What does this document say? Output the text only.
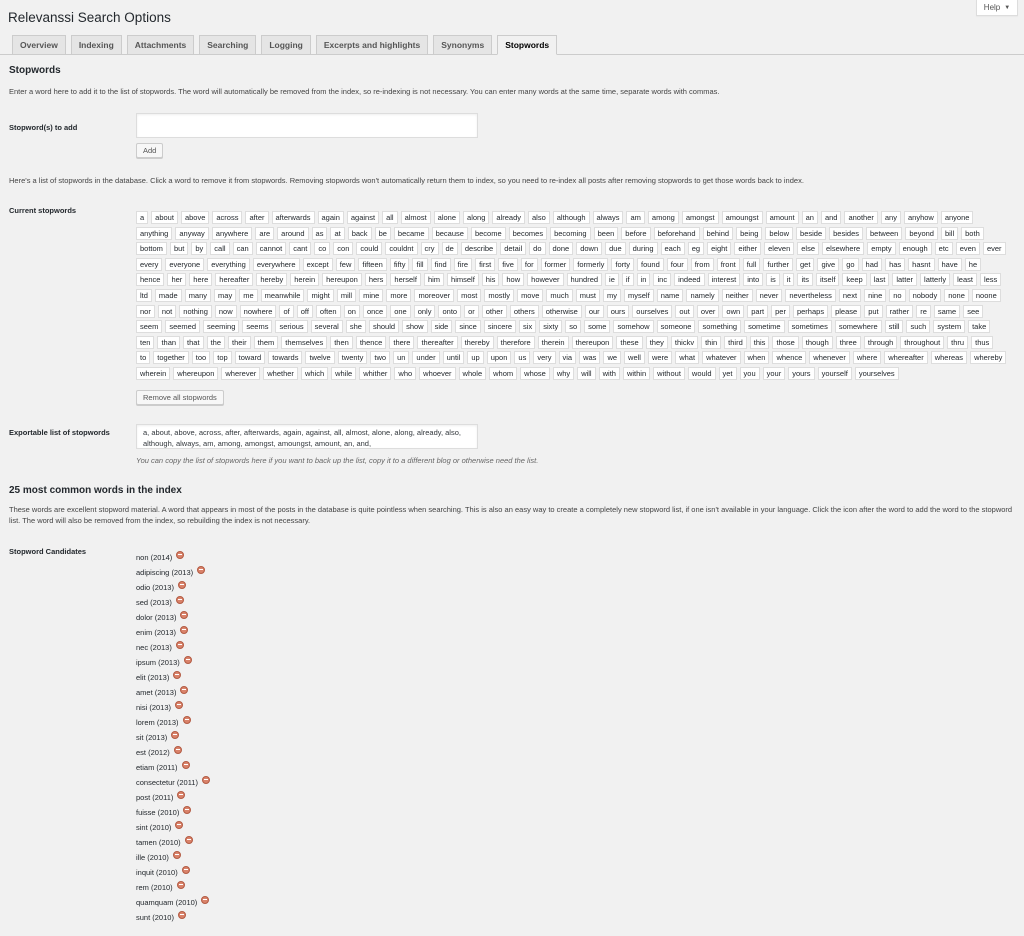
Help ▼
Relevanssi Search Options
Overview	Indexing	Attachments	Searching	Logging	Excerpts and highlights	Synonyms	Stopwords
Stopwords

Enter a word here to add it to the list of stopwords. The word will automatically be removed from the index, so re-indexing is not necessary. You can enter many words at the same time, separate words with commas.

Stopword(s) to add
Add

Here's a list of stopwords in the database. Click a word to remove it from stopwords. Removing stopwords won't automatically return them to index, so you need to re-index all posts after removing stopwords to get those words back to index.

Current stopwords
a	about	above	across	after	afterwards	again	against	all	almost	alone	along	already	also	although	always	am	among	amongst	amoungst	amount	an	and	another	any	anyhow	anyone
anything	anyway	anywhere	are	around	as	at	back	be	became	because	become	becomes	becoming	been	before	beforehand	behind	being	below	beside	besides	between	beyond	bill	both
bottom	but	by	call	can	cannot	cant	co	con	could	couldnt	cry	de	describe	detail	do	done	down	due	during	each	eg	eight	either	eleven	else	elsewhere	empty	enough	etc	even	ever
every	everyone	everything	everywhere	except	few	fifteen	fifty	fill	find	fire	first	five	for	former	formerly	forty	found	four	from	front	full	further	get	give	go	had	has	hasnt	have	he
hence	her	here	hereafter	hereby	herein	hereupon	hers	herself	him	himself	his	how	however	hundred	ie	if	in	inc	indeed	interest	into	is	it	its	itself	keep	last	latter	latterly	least	less
ltd	made	many	may	me	meanwhile	might	mill	mine	more	moreover	most	mostly	move	much	must	my	myself	name	namely	neither	never	nevertheless	next	nine	no	nobody	none	noone
nor	not	nothing	now	nowhere	of	off	often	on	once	one	only	onto	or	other	others	otherwise	our	ours	ourselves	out	over	own	part	per	perhaps	please	put	rather	re	same	see
seem	seemed	seeming	seems	serious	several	she	should	show	side	since	sincere	six	sixty	so	some	somehow	someone	something	sometime	sometimes	somewhere	still	such	system	take
ten	than	that	the	their	them	themselves	then	thence	there	thereafter	thereby	therefore	therein	thereupon	these	they	thickv	thin	third	this	those	though	three	through	throughout	thru	thus
to	together	too	top	toward	towards	twelve	twenty	two	un	under	until	up	upon	us	very	via	was	we	well	were	what	whatever	when	whence	whenever	where	whereafter	whereas	whereby
wherein	whereupon	wherever	whether	which	while	whither	who	whoever	whole	whom	whose	why	will	with	within	without	would	yet	you	your	yours	yourself	yourselves
Remove all stopwords
Exportable list of stopwords
a, about, above, across, after, afterwards, again, against, all, almost, alone, along, already, also, although, always, am, among, amongst, amoungst, amount, an, and,
You can copy the list of stopwords here if you want to back up the list, copy it to a different blog or otherwise need the list.
25 most common words in the index

These words are excellent stopword material. A word that appears in most of the posts in the database is quite pointless when searching. This is also an easy way to create a completely new stopword list, if one isn't available in your language. Click the icon after the word to add the word to the stopword list. The word will also be removed from the index, so rebuilding the index is not necessary.

Stopword Candidates
non (2014)
adipiscing (2013)
odio (2013)
sed (2013)
dolor (2013)
enim (2013)
nec (2013)
ipsum (2013)
elit (2013)
amet (2013)
nisi (2013)
lorem (2013)
sit (2013)
est (2012)
etiam (2011)
consectetur (2011)
post (2011)
fuisse (2010)
sint (2010)
tamen (2010)
ille (2010)
inquit (2010)
rem (2010)
quamquam (2010)
sunt (2010)
